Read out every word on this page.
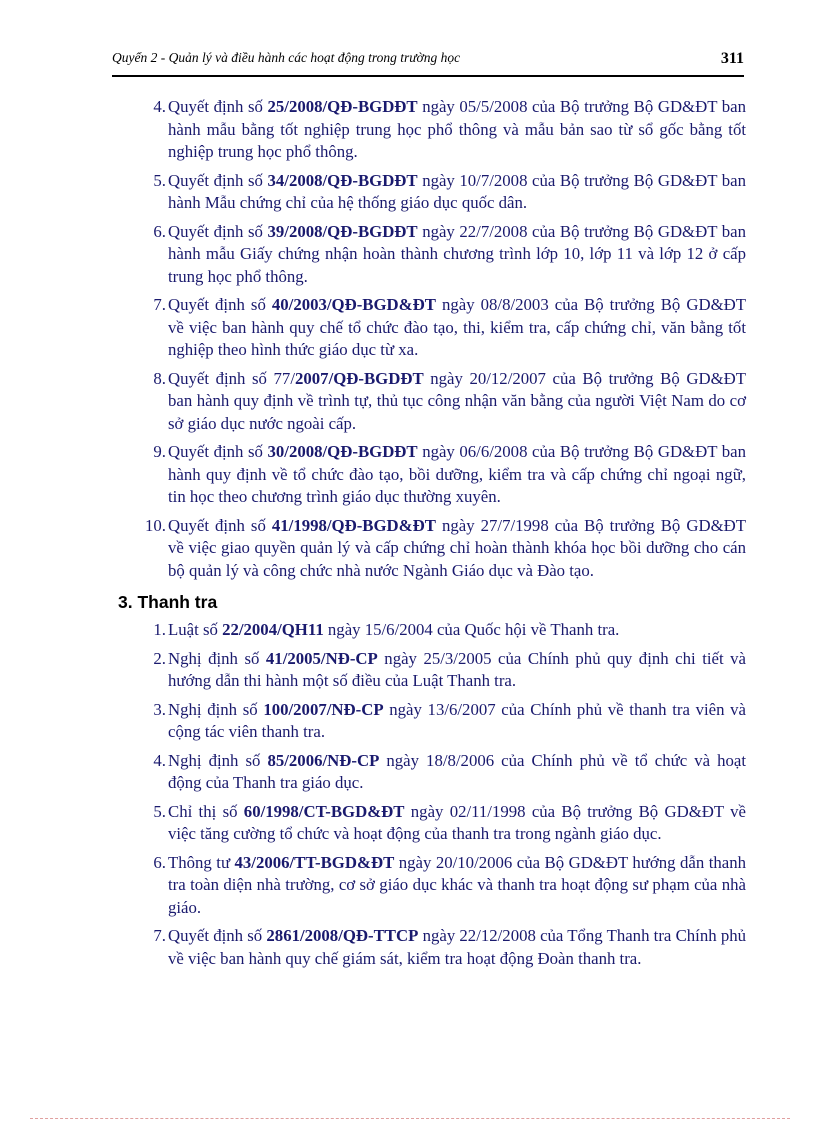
Quyển 2 - Quản lý và điều hành các hoạt động trong trường học	311
4. Quyết định số 25/2008/QĐ-BGDĐT ngày 05/5/2008 của Bộ trưởng Bộ GD&ĐT ban hành mẫu bằng tốt nghiệp trung học phổ thông và mẫu bản sao từ sổ gốc bằng tốt nghiệp trung học phổ thông.
5. Quyết định số 34/2008/QĐ-BGDĐT ngày 10/7/2008 của Bộ trưởng Bộ GD&ĐT ban hành Mẫu chứng chỉ của hệ thống giáo dục quốc dân.
6. Quyết định số 39/2008/QĐ-BGDĐT ngày 22/7/2008 của Bộ trưởng Bộ GD&ĐT ban hành mẫu Giấy chứng nhận hoàn thành chương trình lớp 10, lớp 11 và lớp 12 ở cấp trung học phổ thông.
7. Quyết định số 40/2003/QĐ-BGD&ĐT ngày 08/8/2003 của Bộ trưởng Bộ GD&ĐT về việc ban hành quy chế tổ chức đào tạo, thi, kiểm tra, cấp chứng chỉ, văn bằng tốt nghiệp theo hình thức giáo dục từ xa.
8. Quyết định số 77/2007/QĐ-BGDĐT ngày 20/12/2007 của Bộ trưởng Bộ GD&ĐT ban hành quy định về trình tự, thủ tục công nhận văn bằng của người Việt Nam do cơ sở giáo dục nước ngoài cấp.
9. Quyết định số 30/2008/QĐ-BGDĐT ngày 06/6/2008 của Bộ trưởng Bộ GD&ĐT ban hành quy định về tổ chức đào tạo, bồi dưỡng, kiểm tra và cấp chứng chỉ ngoại ngữ, tin học theo chương trình giáo dục thường xuyên.
10. Quyết định số 41/1998/QĐ-BGD&ĐT ngày 27/7/1998 của Bộ trưởng Bộ GD&ĐT về việc giao quyền quản lý và cấp chứng chỉ hoàn thành khóa học bồi dưỡng cho cán bộ quản lý và công chức nhà nước Ngành Giáo dục và Đào tạo.
3. Thanh tra
1. Luật số 22/2004/QH11 ngày 15/6/2004 của Quốc hội về Thanh tra.
2. Nghị định số 41/2005/NĐ-CP ngày 25/3/2005 của Chính phủ quy định chi tiết và hướng dẫn thi hành một số điều của Luật Thanh tra.
3. Nghị định số 100/2007/NĐ-CP ngày 13/6/2007 của Chính phủ về thanh tra viên và cộng tác viên thanh tra.
4. Nghị định số 85/2006/NĐ-CP ngày 18/8/2006 của Chính phủ về tổ chức và hoạt động của Thanh tra giáo dục.
5. Chỉ thị số 60/1998/CT-BGD&ĐT ngày 02/11/1998 của Bộ trưởng Bộ GD&ĐT về việc tăng cường tổ chức và hoạt động của thanh tra trong ngành giáo dục.
6. Thông tư 43/2006/TT-BGD&ĐT ngày 20/10/2006 của Bộ GD&ĐT hướng dẫn thanh tra toàn diện nhà trường, cơ sở giáo dục khác và thanh tra hoạt động sư phạm của nhà giáo.
7. Quyết định số 2861/2008/QĐ-TTCP ngày 22/12/2008 của Tổng Thanh tra Chính phủ về việc ban hành quy chế giám sát, kiểm tra hoạt động Đoàn thanh tra.
